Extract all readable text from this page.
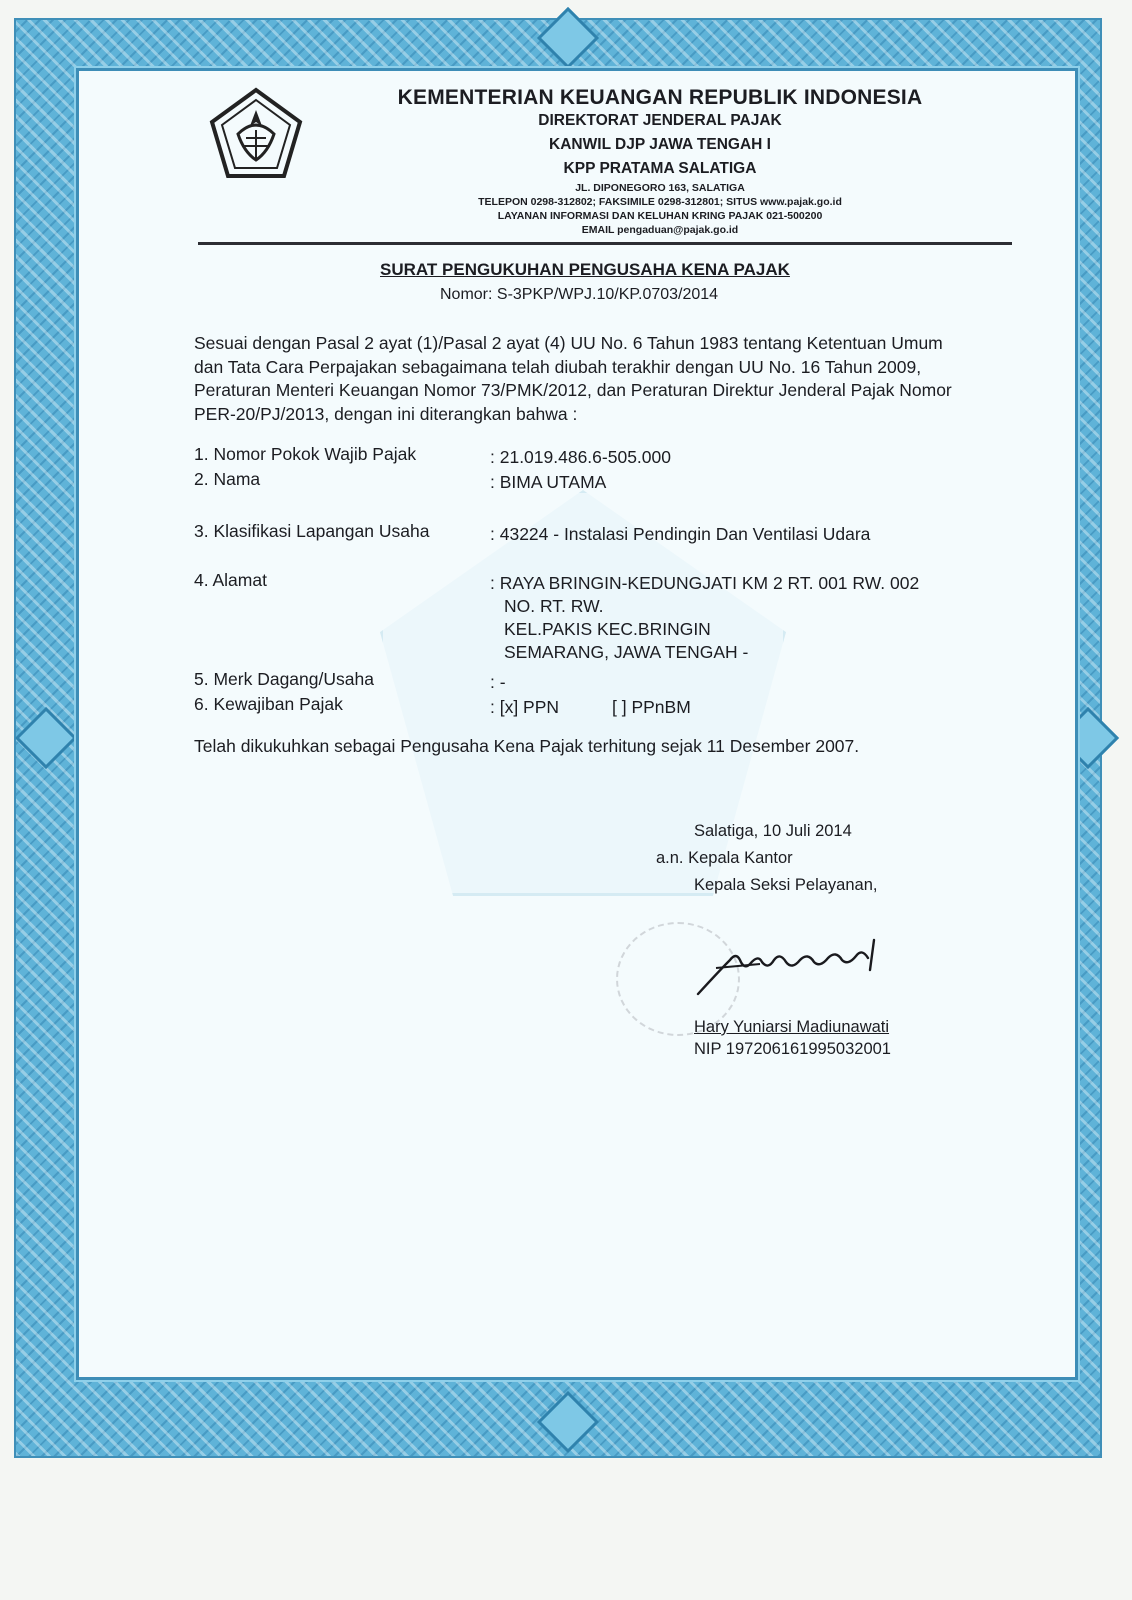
KEMENTERIAN KEUANGAN REPUBLIK INDONESIA
DIREKTORAT JENDERAL PAJAK
KANWIL DJP JAWA TENGAH I
KPP PRATAMA SALATIGA
JL. DIPONEGORO 163, SALATIGA
TELEPON 0298-312802; FAKSIMILE 0298-312801; SITUS www.pajak.go.id
LAYANAN INFORMASI DAN KELUHAN KRING PAJAK 021-500200
EMAIL pengaduan@pajak.go.id
SURAT PENGUKUHAN PENGUSAHA KENA PAJAK
Nomor: S-3PKP/WPJ.10/KP.0703/2014
Sesuai dengan Pasal 2 ayat (1)/Pasal 2 ayat (4) UU No. 6 Tahun 1983 tentang Ketentuan Umum
dan Tata Cara Perpajakan sebagaimana telah diubah terakhir dengan UU No. 16 Tahun 2009,
Peraturan Menteri Keuangan Nomor 73/PMK/2012, dan Peraturan Direktur Jenderal Pajak Nomor
PER-20/PJ/2013, dengan ini diterangkan bahwa :
1. Nomor Pokok Wajib Pajak	: 21.019.486.6-505.000
2. Nama	: BIMA UTAMA
3. Klasifikasi Lapangan Usaha	: 43224 - Instalasi Pendingin Dan Ventilasi Udara
4. Alamat	: RAYA BRINGIN-KEDUNGJATI KM 2 RT. 001 RW. 002
NO. RT. RW.
KEL.PAKIS KEC.BRINGIN
SEMARANG, JAWA TENGAH -
5. Merk Dagang/Usaha	: -
6. Kewajiban Pajak	: [x] PPN	[ ] PPnBM
Telah dikukuhkan sebagai Pengusaha Kena Pajak terhitung sejak 11 Desember 2007.
Salatiga, 10 Juli 2014
a.n. Kepala Kantor
Kepala Seksi Pelayanan,
Hary Yuniarsi Madiunawati
NIP 197206161995032001
